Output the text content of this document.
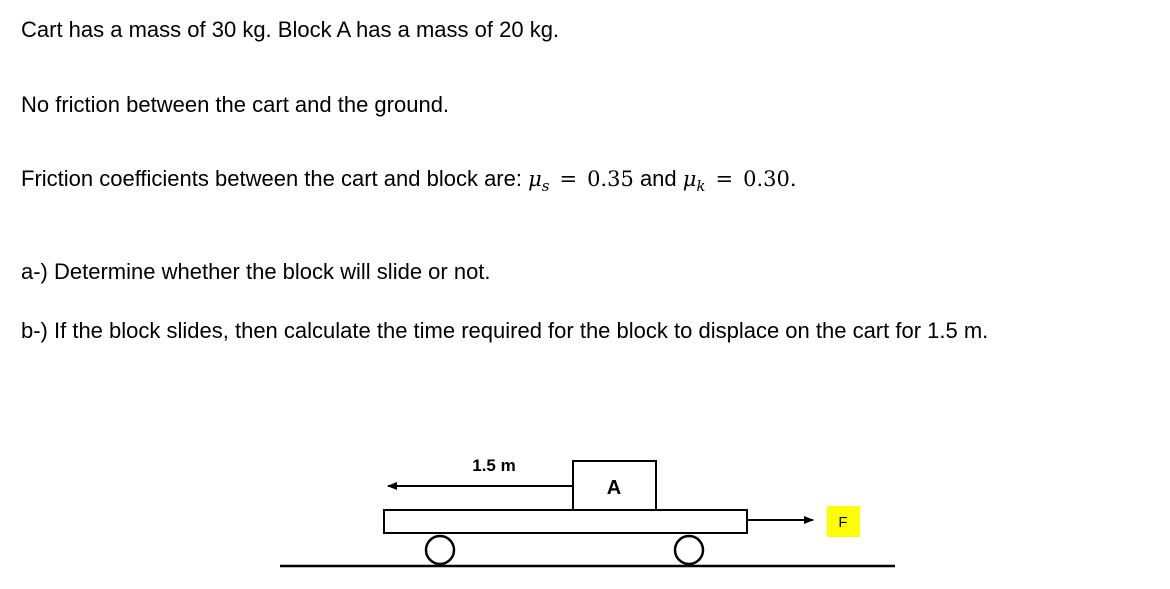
Cart has a mass of 30 kg. Block A has a mass of 20 kg.

No friction between the cart and the ground.

Friction coefficients between the cart and block are: $\mu_s = 0.35$ and $\mu_k = 0.30$.

a-) Determine whether the block will slide or not.

b-) If the block slides, then calculate the time required for the block to displace on the cart for 1.5 m.

A
1.5 m
F
